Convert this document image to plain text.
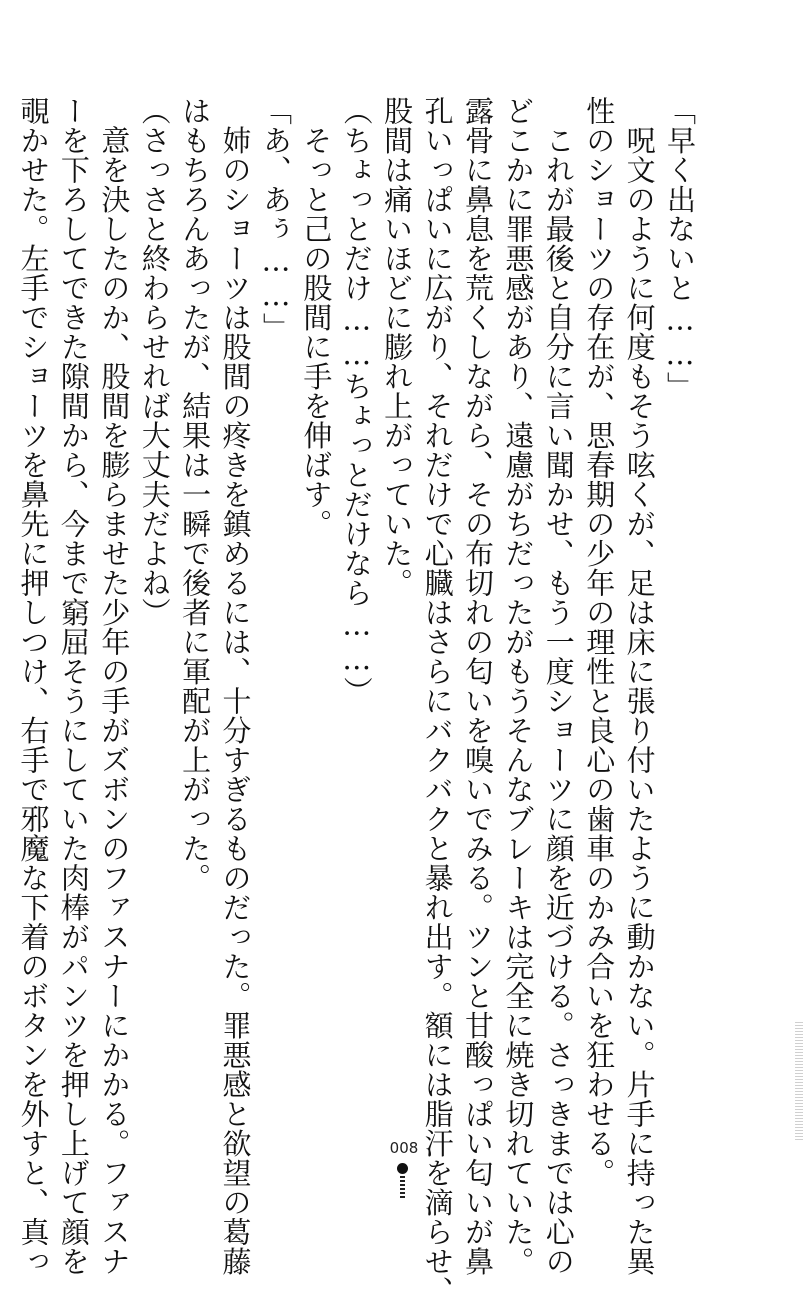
「早く出ないと……」
　呪文のように何度もそう呟くが、足は床に張り付いたように動かない。片手に持った異
性のショーツの存在が、思春期の少年の理性と良心の歯車のかみ合いを狂わせる。
　これが最後と自分に言い聞かせ、もう一度ショーツに顔を近づける。さっきまでは心の
どこかに罪悪感があり、遠慮がちだったがもうそんなブレーキは完全に焼き切れていた。
露骨に鼻息を荒くしながら、その布切れの匂いを嗅いでみる。ツンと甘酸っぱい匂いが鼻
孔いっぱいに広がり、それだけで心臓はさらにバクバクと暴れ出す。額には脂汗を滴らせ、
股間は痛いほどに膨れ上がっていた。
（ちょっとだけ……ちょっとだけなら……）
　そっと己の股間に手を伸ばす。
「あ、あぅ……」
　姉のショーツは股間の疼きを鎮めるには、十分すぎるものだった。罪悪感と欲望の葛藤
はもちろんあったが、結果は一瞬で後者に軍配が上がった。
（さっさと終わらせれば大丈夫だよね）
　意を決したのか、股間を膨らませた少年の手がズボンのファスナーにかかる。ファスナ
ーを下ろしてできた隙間から、今まで窮屈そうにしていた肉棒がパンツを押し上げて顔を
覗かせた。左手でショーツを鼻先に押しつけ、右手で邪魔な下着のボタンを外すと、真っ	008
